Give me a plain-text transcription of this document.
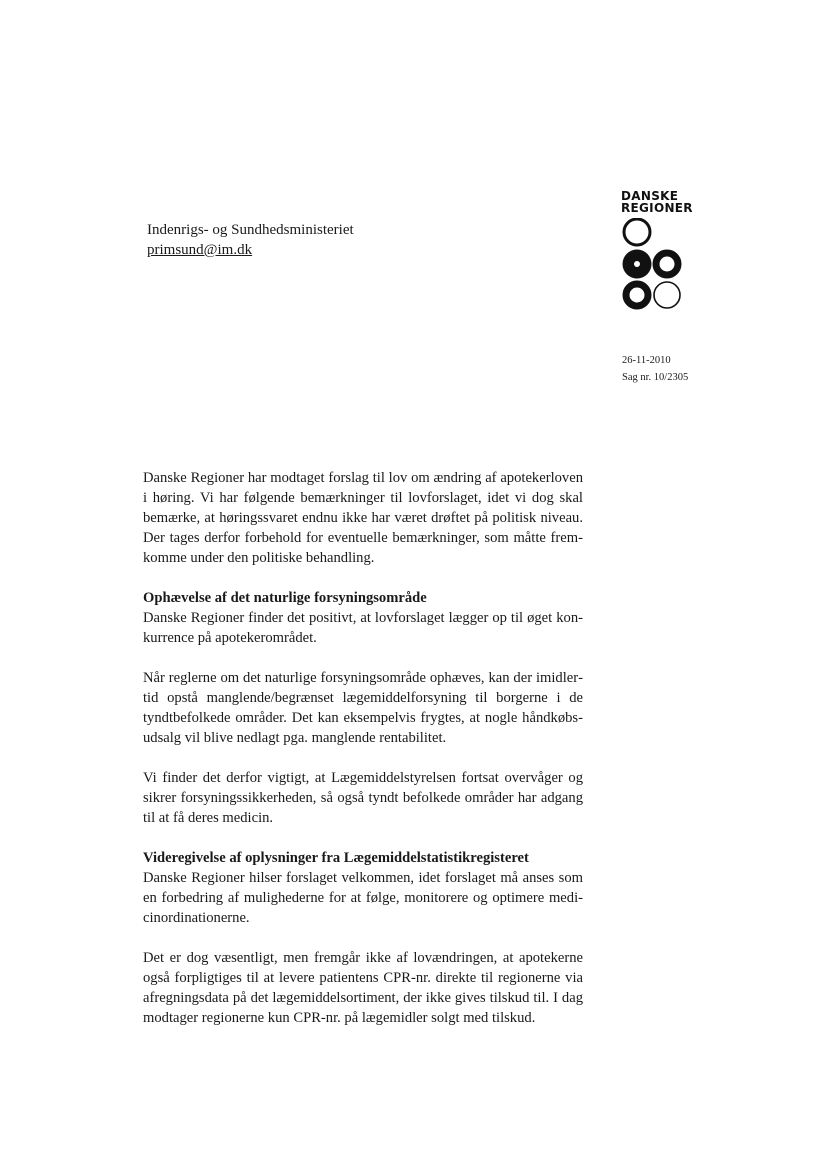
Indenrigs- og Sundhedsministeriet
primsund@im.dk
DANSKE
REGIONER
26-11-2010
Sag nr. 10/2305

Danske Regioner har modtaget forslag til lov om ændring af apotekerloven i høring. Vi har følgende bemærkninger til lovforslaget, idet vi dog skal bemærke, at høringssvaret endnu ikke har været drøftet på politisk niveau. Der tages derfor forbehold for eventuelle bemærkninger, som måtte fremkomme under den politiske behandling.

Ophævelse af det naturlige forsyningsområde

Danske Regioner finder det positivt, at lovforslaget lægger op til øget konkurrence på apotekerområdet.

Når reglerne om det naturlige forsyningsområde ophæves, kan der imidlertid opstå manglende/begrænset lægemiddelforsyning til borgerne i de tyndtbefolkede områder. Det kan eksempelvis frygtes, at nogle håndkøbsudsalg vil blive nedlagt pga. manglende rentabilitet.

Vi finder det derfor vigtigt, at Lægemiddelstyrelsen fortsat overvåger og sikrer forsyningssikkerheden, så også tyndt befolkede områder har adgang til at få deres medicin.

Videregivelse af oplysninger fra Lægemiddelstatistikregisteret

Danske Regioner hilser forslaget velkommen, idet forslaget må anses som en forbedring af mulighederne for at følge, monitorere og optimere medicinordinationerne.

Det er dog væsentligt, men fremgår ikke af lovændringen, at apotekerne også forpligtiges til at levere patientens CPR-nr. direkte til regionerne via afregningsdata på det lægemiddelsortiment, der ikke gives tilskud til. I dag modtager regionerne kun CPR-nr. på lægemidler solgt med tilskud.
